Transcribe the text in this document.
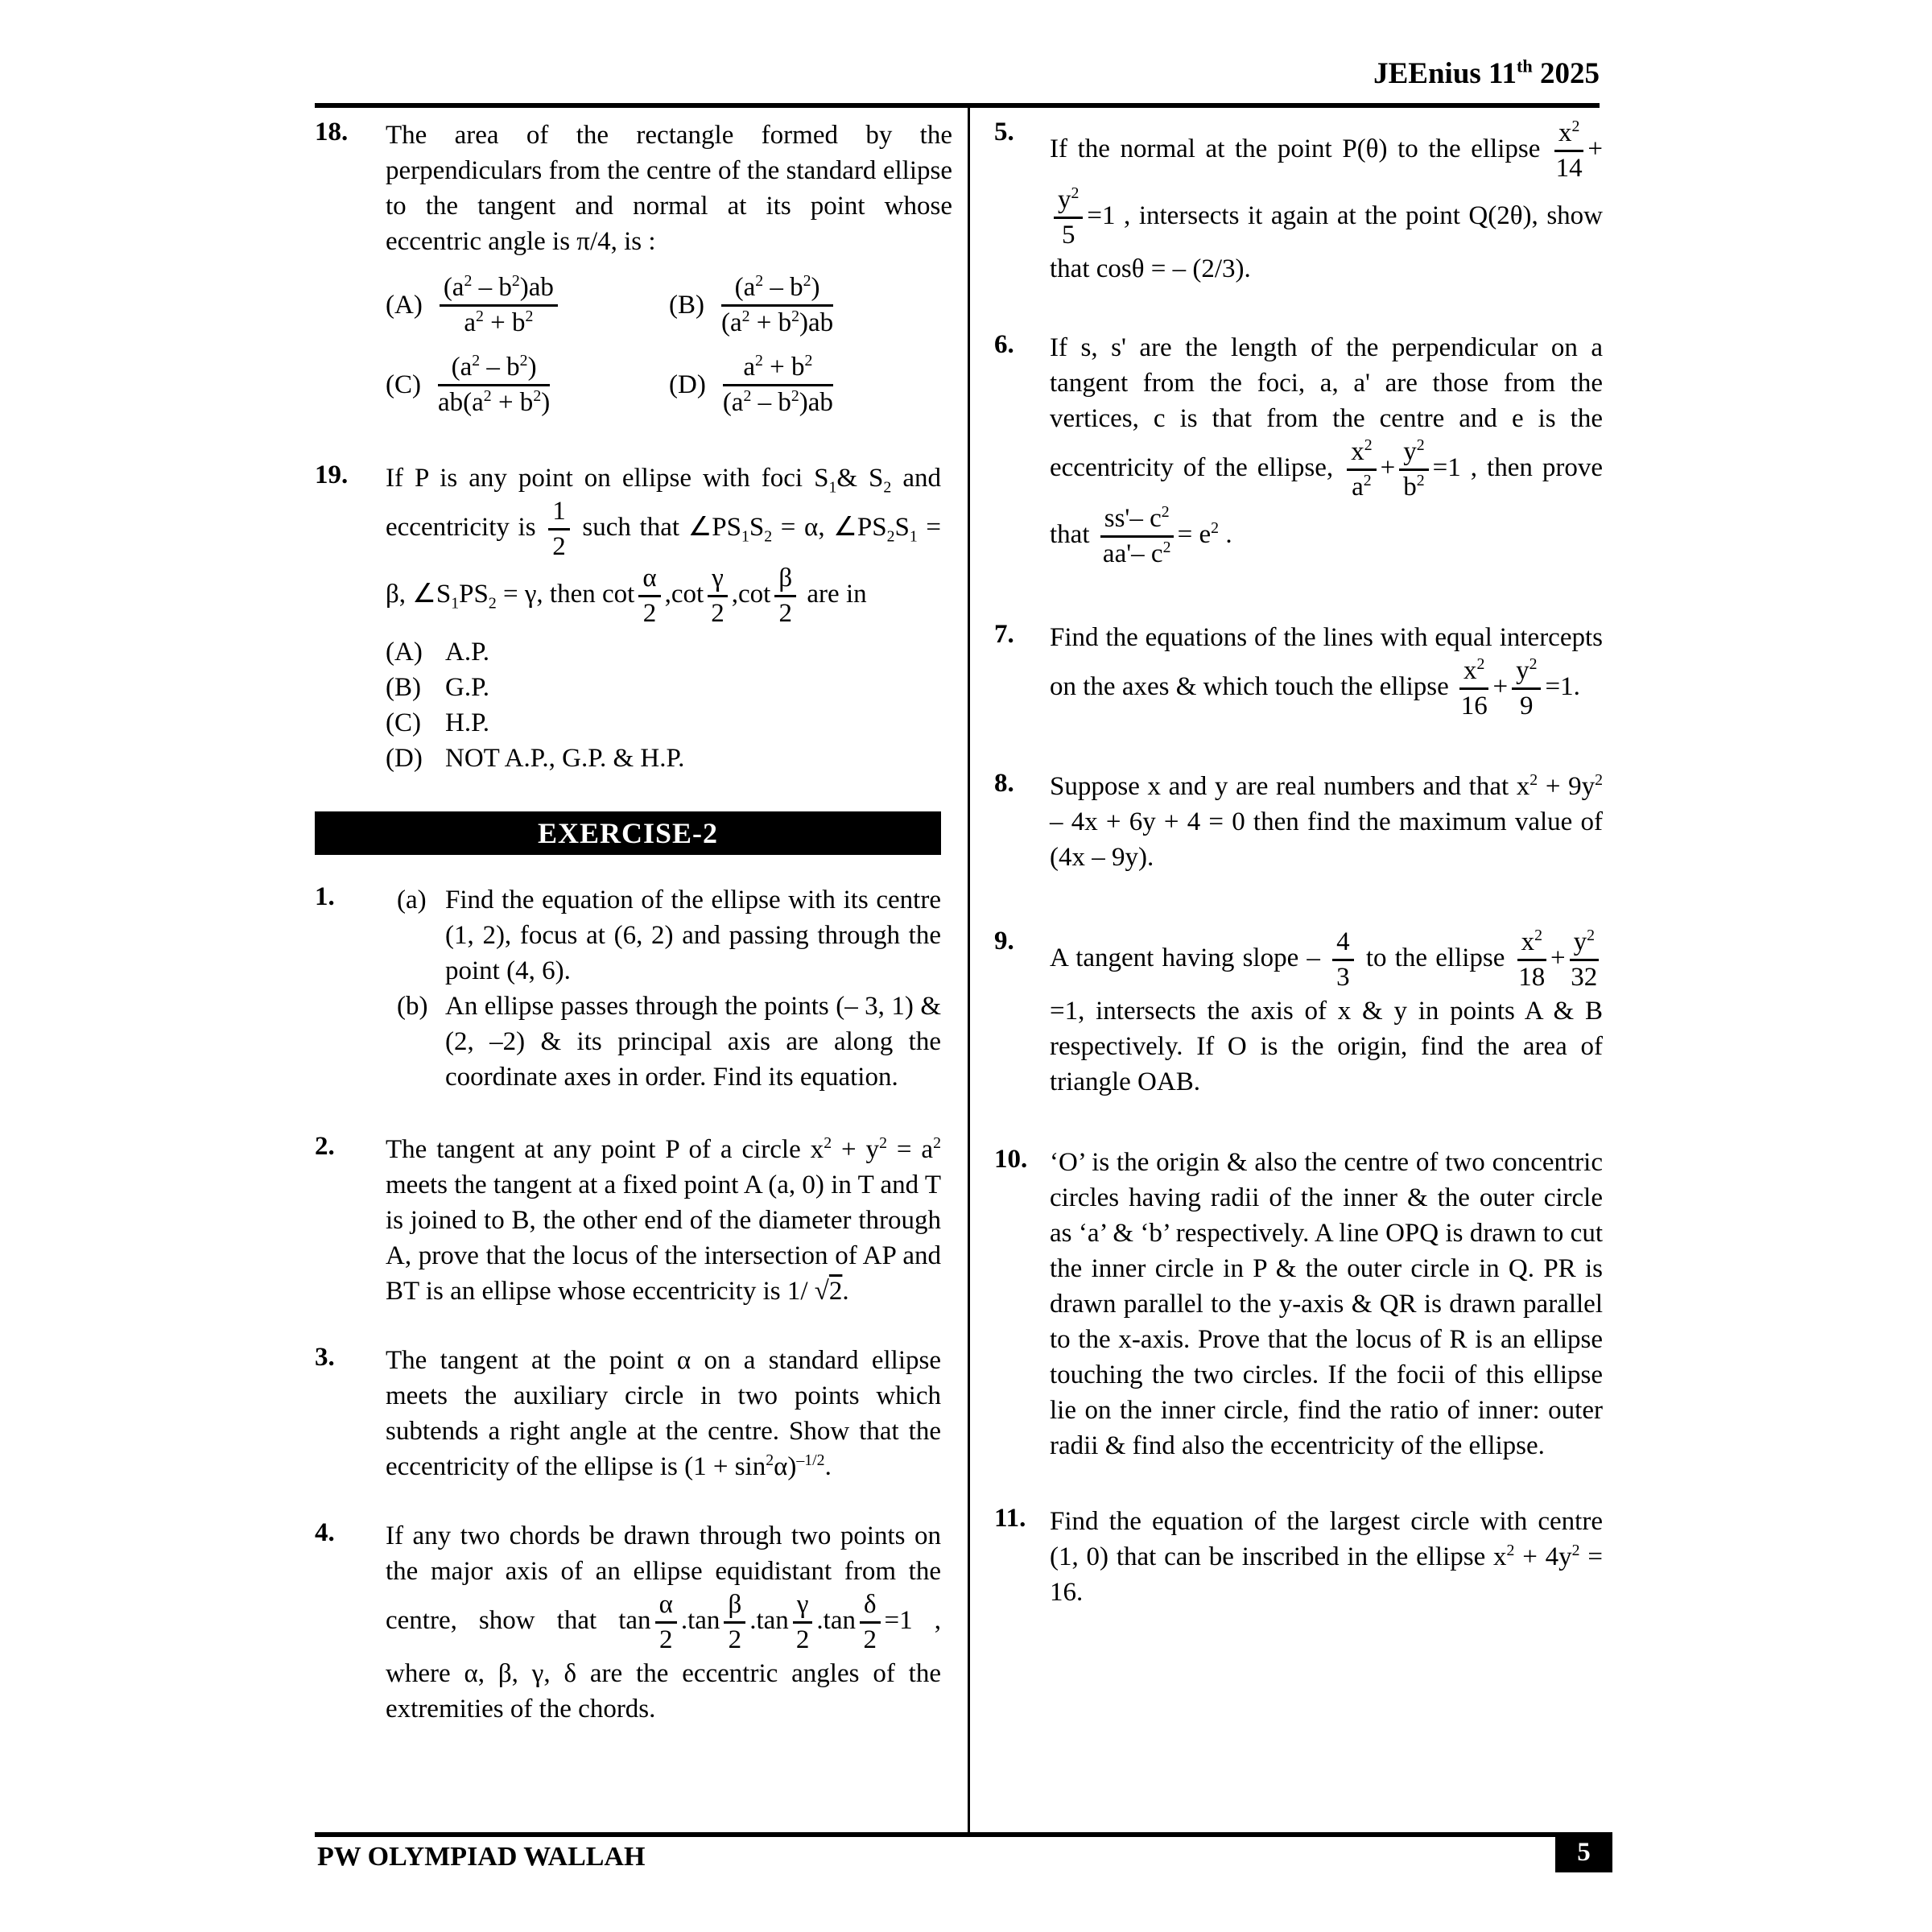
JEEnius 11th 2025
18.	The area of the rectangle formed by the perpendiculars from the centre of the standard ellipse to the tangent and normal at its point whose eccentric angle is π/4, is :
$(A) \frac{(a^2 - b^2)ab}{a^2 + b^2}$	$(B) \frac{(a^2 - b^2)}{(a^2 + b^2)ab}$
$(C) \frac{(a^2 - b^2)}{ab(a^2 + b^2)}$	$(D) \frac{a^2 + b^2}{(a^2 - b^2)ab}$
19.	If P is any point on ellipse with foci $S_1\&$ $S_2$ and eccentricity is $\frac{1}{2}$ such that $\angle PS_1S_2 = \alpha$, $\angle PS_2S_1 = \beta$, $\angle S_1PS_2 = \gamma$, then $\cot \frac{\alpha}{2} ,\cot \frac{\gamma}{2} ,\cot \frac{\beta}{2}$ are in
(A) A.P.
(B) G.P.
(C) H.P.
(D) NOT A.P., G.P. & H.P.
EXERCISE-2
1.	(a) Find the equation of the ellipse with its centre (1, 2), focus at (6, 2) and passing through the point (4, 6).
(b) An ellipse passes through the points (– 3, 1) & (2, –2) & its principal axis are along the coordinate axes in order. Find its equation.
2.	The tangent at any point P of a circle $x^2 + y^2 = a^2$ meets the tangent at a fixed point A (a, 0) in T and T is joined to B, the other end of the diameter through A, prove that the locus of the intersection of AP and BT is an ellipse whose eccentricity is 1/ √2.
3.	The tangent at the point α on a standard ellipse meets the auxiliary circle in two points which subtends a right angle at the centre. Show that the eccentricity of the ellipse is $(1 + \sin^2\alpha)^{-1/2}$.
4.	If any two chords be drawn through two points on the major axis of an ellipse equidistant from the centre, show that $\tan \frac{\alpha}{2} .\tan \frac{\beta}{2} .\tan \frac{\gamma}{2} .\tan \frac{\delta}{2} =1$ , where α, β, γ, δ are the eccentric angles of the extremities of the chords.
5.
If the normal at the point P(θ) to the ellipse $\frac{x^2}{14}$ +
$\frac{y^2}{5} =1$ , intersects it again at the point Q(2θ), show that cosθ = – (2/3).
6.	If s, s' are the length of the perpendicular on a tangent from the foci, a, a' are those from the vertices, c is that from the centre and e is the eccentricity of the ellipse, $\frac{x^2}{a^2} + \frac{y^2}{b^2} =1$ , then prove that $\frac{ss'- c^2}{aa'- c^2} = e^2$ .
7.	Find the equations of the lines with equal intercepts on the axes & which touch the ellipse $\frac{x^2}{16} + \frac{y^2}{9} =1$.
8.	Suppose x and y are real numbers and that $x^2 + 9y^2 - 4x + 6y + 4 = 0$ then find the maximum value of (4x – 9y).
9.
A tangent having slope – $\frac{4}{3}$ to the ellipse $\frac{x^2}{18} + \frac{y^2}{32}$
=1, intersects the axis of x & y in points A & B respectively. If O is the origin, find the area of triangle OAB.
10. ‘O’ is the origin & also the centre of two concentric circles having radii of the inner & the outer circle as ‘a’ & ‘b’ respectively. A line OPQ is drawn to cut the inner circle in P & the outer circle in Q. PR is drawn parallel to the y-axis & QR is drawn parallel to the x-axis. Prove that the locus of R is an ellipse touching the two circles. If the focii of this ellipse lie on the inner circle, find the ratio of inner: outer radii & find also the eccentricity of the ellipse.
11. Find the equation of the largest circle with centre (1, 0) that can be inscribed in the ellipse $x^2 + 4y^2 = 16$.
PW OLYMPIAD WALLAH	5
